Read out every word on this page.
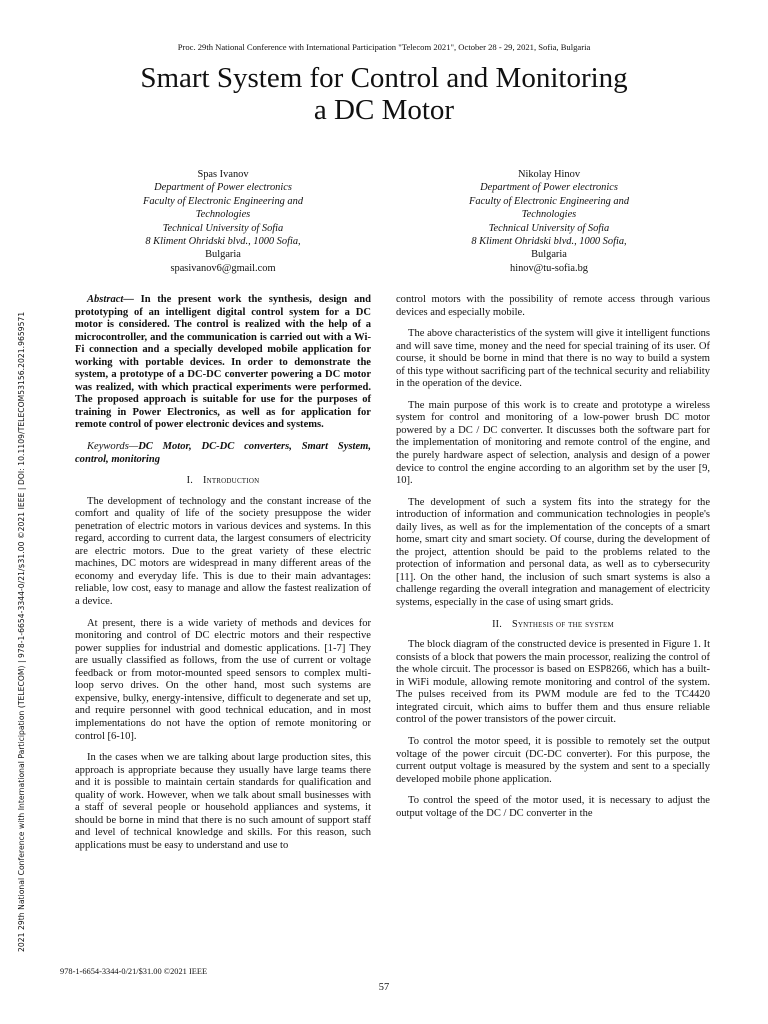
Proc. 29th National Conference with International Participation "Telecom 2021", October 28 - 29, 2021, Sofia, Bulgaria
Smart System for Control and Monitoring
a DC Motor
Spas Ivanov
Department of Power electronics
Faculty of Electronic Engineering and
Technologies
Technical University of Sofia
8 Kliment Ohridski blvd., 1000 Sofia,
Bulgaria
spasivanov6@gmail.com
Nikolay Hinov
Department of Power electronics
Faculty of Electronic Engineering and
Technologies
Technical University of Sofia
8 Kliment Ohridski blvd., 1000 Sofia,
Bulgaria
hinov@tu-sofia.bg
2021 29th National Conference with International Participation (TELECOM) | 978-1-6654-3344-0/21/$31.00 ©2021 IEEE | DOI: 10.1109/TELECOM53156.2021.9659571

Abstract— In the present work the synthesis, design and prototyping of an intelligent digital control system for a DC motor is considered. The control is realized with the help of a microcontroller, and the communication is carried out with a Wi-Fi connection and a specially developed mobile application for working with portable devices. In order to demonstrate the system, a prototype of a DC-DC converter powering a DC motor was realized, with which practical experiments were performed. The proposed approach is suitable for use for the purposes of training in Power Electronics, as well as for application for remote control of power electronic devices and systems.

Keywords—DC Motor, DC-DC converters, Smart System, control, monitoring

I. Introduction

The development of technology and the constant increase of the comfort and quality of life of the society presuppose the wider penetration of electric motors in various devices and systems. In this regard, according to current data, the largest consumers of electricity are electric motors. Due to the great variety of these electric machines, DC motors are widespread in many different areas of the economy and everyday life. This is due to their main advantages: reliable, low cost, easy to manage and allow the fastest realization of a device.

At present, there is a wide variety of methods and devices for monitoring and control of DC electric motors and their respective power supplies for industrial and domestic applications. [1-7] They are usually classified as follows, from the use of current or voltage feedback or from motor-mounted speed sensors to complex multi-loop servo drives. On the other hand, most such systems are expensive, bulky, energy-intensive, difficult to degenerate and set up, and require personnel with good technical education, and in most implementations do not have the option of remote monitoring or control [6-10].

In the cases when we are talking about large production sites, this approach is appropriate because they usually have large teams there and it is possible to maintain certain standards for qualification and quality of work. However, when we talk about small businesses with a staff of several people or household appliances and systems, it should be borne in mind that there is no such amount of support staff and level of technical knowledge and skills. For this reason, such applications must be easy to understand and use to

control motors with the possibility of remote access through various devices and especially mobile.

The above characteristics of the system will give it intelligent functions and will save time, money and the need for special training of its user. Of course, it should be borne in mind that there is no way to build a system of this type without sacrificing part of the technical security and reliability in the operation of the device.

The main purpose of this work is to create and prototype a wireless system for control and monitoring of a low-power brush DC motor powered by a DC / DC converter. It discusses both the software part for the implementation of monitoring and remote control of the engine, and the purely hardware aspect of selection, analysis and design of a power device to control the engine according to an algorithm set by the user [9, 10].

The development of such a system fits into the strategy for the introduction of information and communication technologies in people's daily lives, as well as for the implementation of the concepts of a smart home, smart city and smart society. Of course, during the development of the project, attention should be paid to the problems related to the protection of information and personal data, as well as to cybersecurity [11]. On the other hand, the inclusion of such smart systems is also a challenge regarding the overall integration and management of electricity systems, especially in the case of using smart grids.

II. Synthesis of the system

The block diagram of the constructed device is presented in Figure 1. It consists of a block that powers the main processor, realizing the control of the whole circuit. The processor is based on ESP8266, which has a built-in WiFi module, allowing remote monitoring and control of the system. The pulses received from its PWM module are fed to the TC4420 integrated circuit, which aims to buffer them and thus ensure reliable control of the power transistors of the power circuit.

To control the motor speed, it is possible to remotely set the output voltage of the power circuit (DC-DC converter). For this purpose, the current output voltage is measured by the system and sent to a specially developed mobile phone application.

To control the speed of the motor used, it is necessary to adjust the output voltage of the DC / DC converter in the

978-1-6654-3344-0/21/$31.00 ©2021 IEEE
57
